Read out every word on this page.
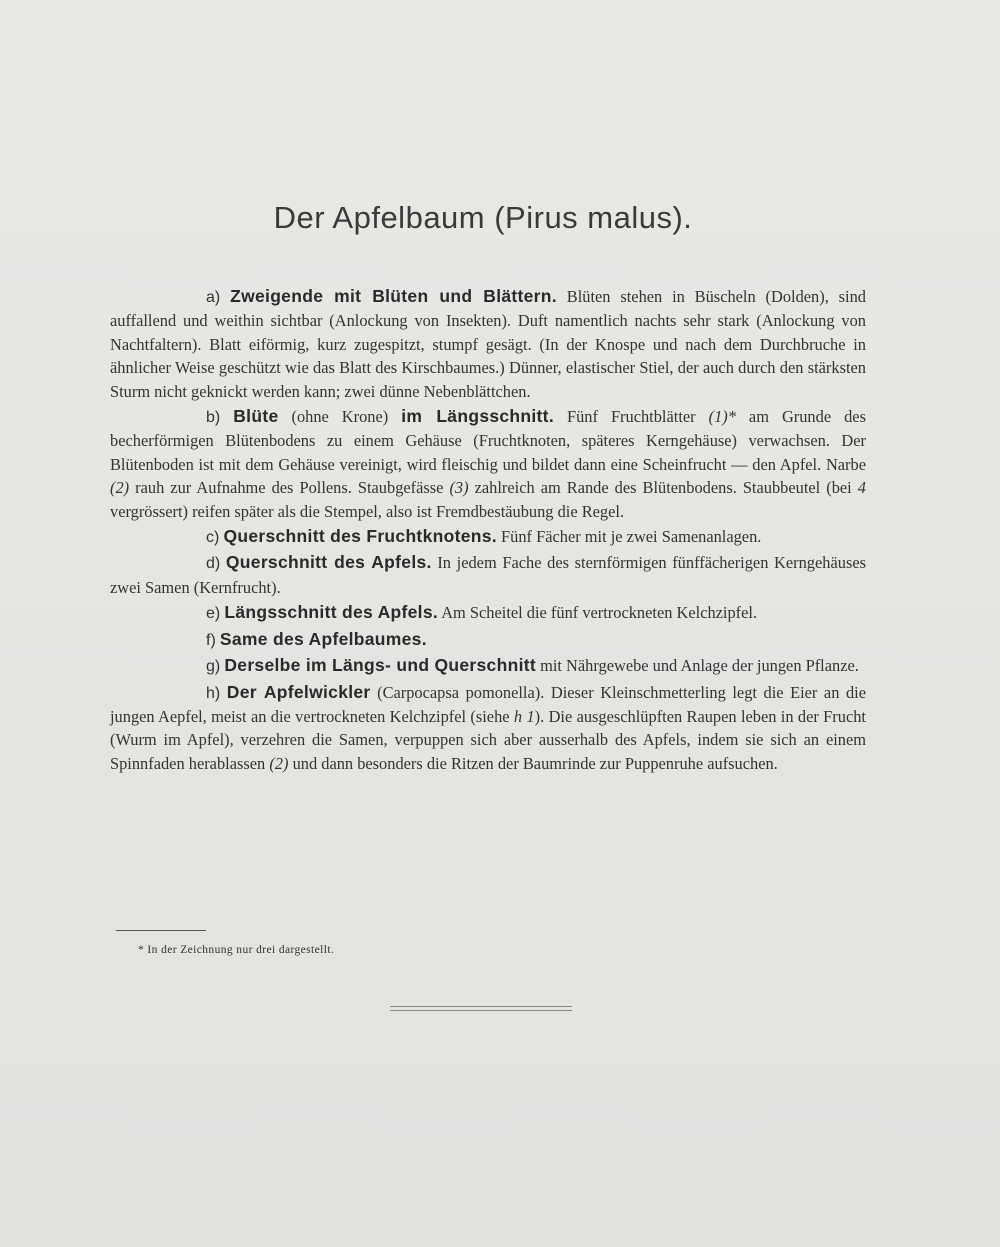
Der Apfelbaum (Pirus malus).

a) Zweigende mit Blüten und Blättern. Blüten stehen in Büscheln (Dolden), sind auffallend und weithin sichtbar (Anlockung von Insekten). Duft namentlich nachts sehr stark (Anlockung von Nachtfaltern). Blatt eiförmig, kurz zugespitzt, stumpf gesägt. (In der Knospe und nach dem Durchbruche in ähnlicher Weise geschützt wie das Blatt des Kirschbaumes.) Dünner, elastischer Stiel, der auch durch den stärksten Sturm nicht geknickt werden kann; zwei dünne Nebenblättchen.

b) Blüte (ohne Krone) im Längsschnitt. Fünf Fruchtblätter (1)* am Grunde des becherförmigen Blütenbodens zu einem Gehäuse (Fruchtknoten, späteres Kerngehäuse) verwachsen. Der Blütenboden ist mit dem Gehäuse vereinigt, wird fleischig und bildet dann eine Scheinfrucht — den Apfel. Narbe (2) rauh zur Aufnahme des Pollens. Staubgefässe (3) zahlreich am Rande des Blütenbodens. Staubbeutel (bei 4 vergrössert) reifen später als die Stempel, also ist Fremdbestäubung die Regel.

c) Querschnitt des Fruchtknotens. Fünf Fächer mit je zwei Samenanlagen.

d) Querschnitt des Apfels. In jedem Fache des sternförmigen fünffächerigen Kerngehäuses zwei Samen (Kernfrucht).

e) Längsschnitt des Apfels. Am Scheitel die fünf vertrockneten Kelchzipfel.

f) Same des Apfelbaumes.

g) Derselbe im Längs- und Querschnitt mit Nährgewebe und Anlage der jungen Pflanze.

h) Der Apfelwickler (Carpocapsa pomonella). Dieser Kleinschmetterling legt die Eier an die jungen Aepfel, meist an die vertrockneten Kelchzipfel (siehe h 1). Die ausgeschlüpften Raupen leben in der Frucht (Wurm im Apfel), verzehren die Samen, verpuppen sich aber ausserhalb des Apfels, indem sie sich an einem Spinnfaden herablassen (2) und dann besonders die Ritzen der Baumrinde zur Puppenruhe aufsuchen.

* In der Zeichnung nur drei dargestellt.
